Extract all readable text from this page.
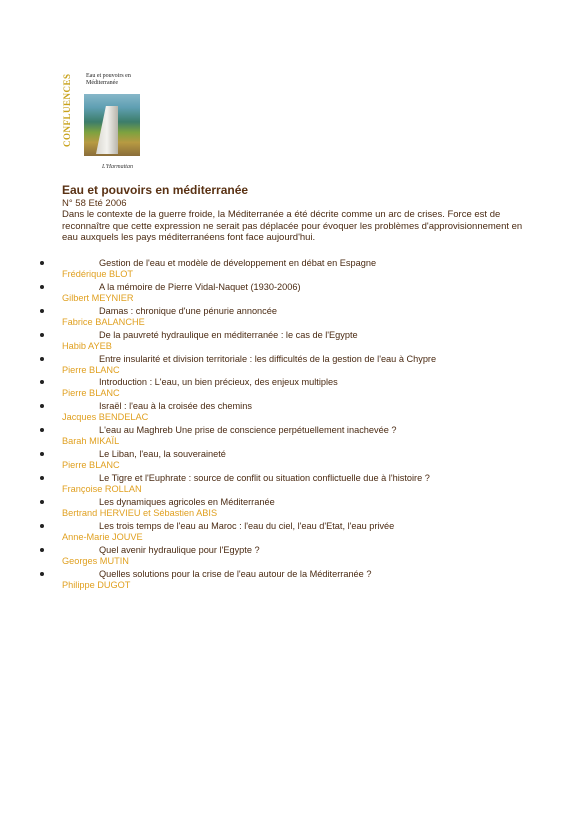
CONFLUENCES	Eau et pouvoirs en Méditerranée
L'Harmattan
Eau et pouvoirs en méditerranée
N° 58 Eté 2006
Dans le contexte de la guerre froide, la Méditerranée a été décrite comme un arc de crises. Force est de reconnaître que cette expression ne serait pas déplacée pour évoquer les problèmes d'approvisionnement en eau auxquels les pays méditerranéens font face aujourd'hui.
Gestion de l'eau et modèle de développement en débat en Espagne
Frédérique BLOT
A la mémoire de Pierre Vidal-Naquet (1930-2006)
Gilbert MEYNIER
Damas : chronique d'une pénurie annoncée
Fabrice BALANCHE
De la pauvreté hydraulique en méditerranée : le cas de l'Egypte
Habib AYEB
Entre insularité et division territoriale : les difficultés de la gestion de l'eau à Chypre
Pierre BLANC
Introduction : L'eau, un bien précieux, des enjeux multiples
Pierre BLANC
Israël : l'eau à la croisée des chemins
Jacques BENDELAC
L'eau au Maghreb Une prise de conscience perpétuellement inachevée ?
Barah MIKAÏL
Le Liban, l'eau, la souveraineté
Pierre BLANC
Le Tigre et l'Euphrate : source de conflit ou situation conflictuelle due à l'histoire ?
Françoise ROLLAN
Les dynamiques agricoles en Méditerranée
Bertrand HERVIEU et Sébastien ABIS
Les trois temps de l'eau au Maroc : l'eau du ciel, l'eau d'Etat, l'eau privée
Anne-Marie JOUVE
Quel avenir hydraulique pour l'Egypte ?
Georges MUTIN
Quelles solutions pour la crise de l'eau autour de la Méditerranée ?
Philippe DUGOT
